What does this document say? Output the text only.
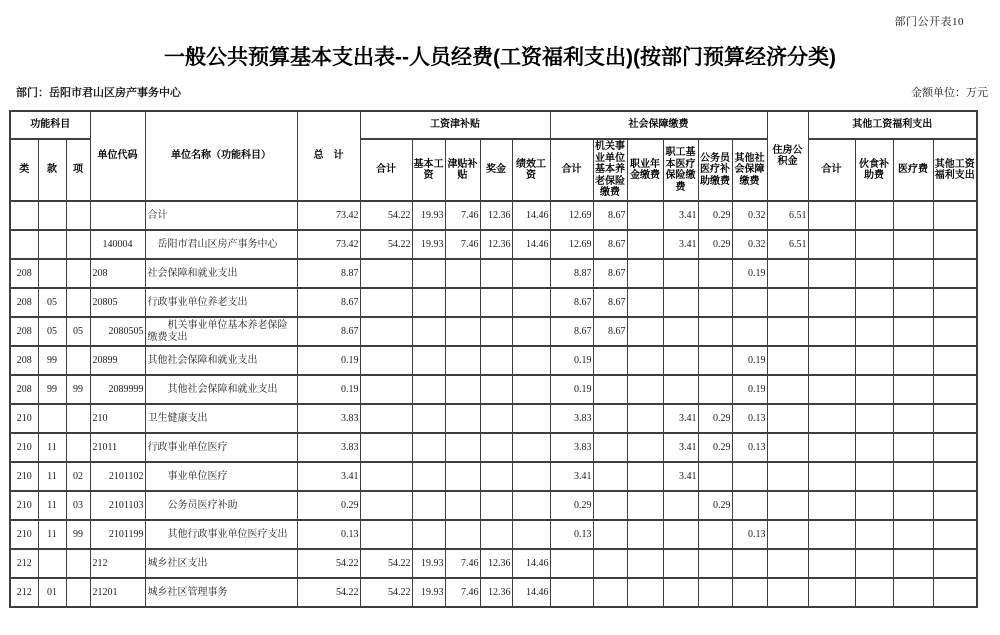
部门公开表10
一般公共预算基本支出表--人员经费(工资福利支出)(按部门预算经济分类)
部门：岳阳市君山区房产事务中心	金额单位：万元
功能科目			单位代码	单位名称（功能科目）	总　计	工资津补贴					社会保障缴费						住房公积金	其他工资福利支出			
类	款	项				合计	基本工资	津贴补贴	奖金	绩效工资	合计	机关事业单位基本养老保险缴费	职业年金缴费	职工基本医疗保险缴费	公务员医疗补助缴费	其他社会保障缴费		合计	伙食补助费	医疗费	其他工资福利支出
				合计	73.42	54.22	19.93	7.46	12.36	14.46	12.69	8.67		3.41	0.29	0.32	6.51				
			140004	岳阳市君山区房产事务中心	73.42	54.22	19.93	7.46	12.36	14.46	12.69	8.67		3.41	0.29	0.32	6.51				
208			208	社会保障和就业支出	8.87						8.87	8.67				0.19					
208	05		20805	行政事业单位养老支出	8.67						8.67	8.67									
208	05	05	2080505	机关事业单位基本养老保险缴费支出	8.67						8.67	8.67									
208	99		20899	其他社会保障和就业支出	0.19						0.19					0.19					
208	99	99	2089999	其他社会保障和就业支出	0.19						0.19					0.19					
210			210	卫生健康支出	3.83						3.83			3.41	0.29	0.13					
210	11		21011	行政事业单位医疗	3.83						3.83			3.41	0.29	0.13					
210	11	02	2101102	事业单位医疗	3.41						3.41			3.41							
210	11	03	2101103	公务员医疗补助	0.29						0.29				0.29						
210	11	99	2101199	其他行政事业单位医疗支出	0.13						0.13					0.13					
212			212	城乡社区支出	54.22	54.22	19.93	7.46	12.36	14.46											
212	01		21201	城乡社区管理事务	54.22	54.22	19.93	7.46	12.36	14.46											
